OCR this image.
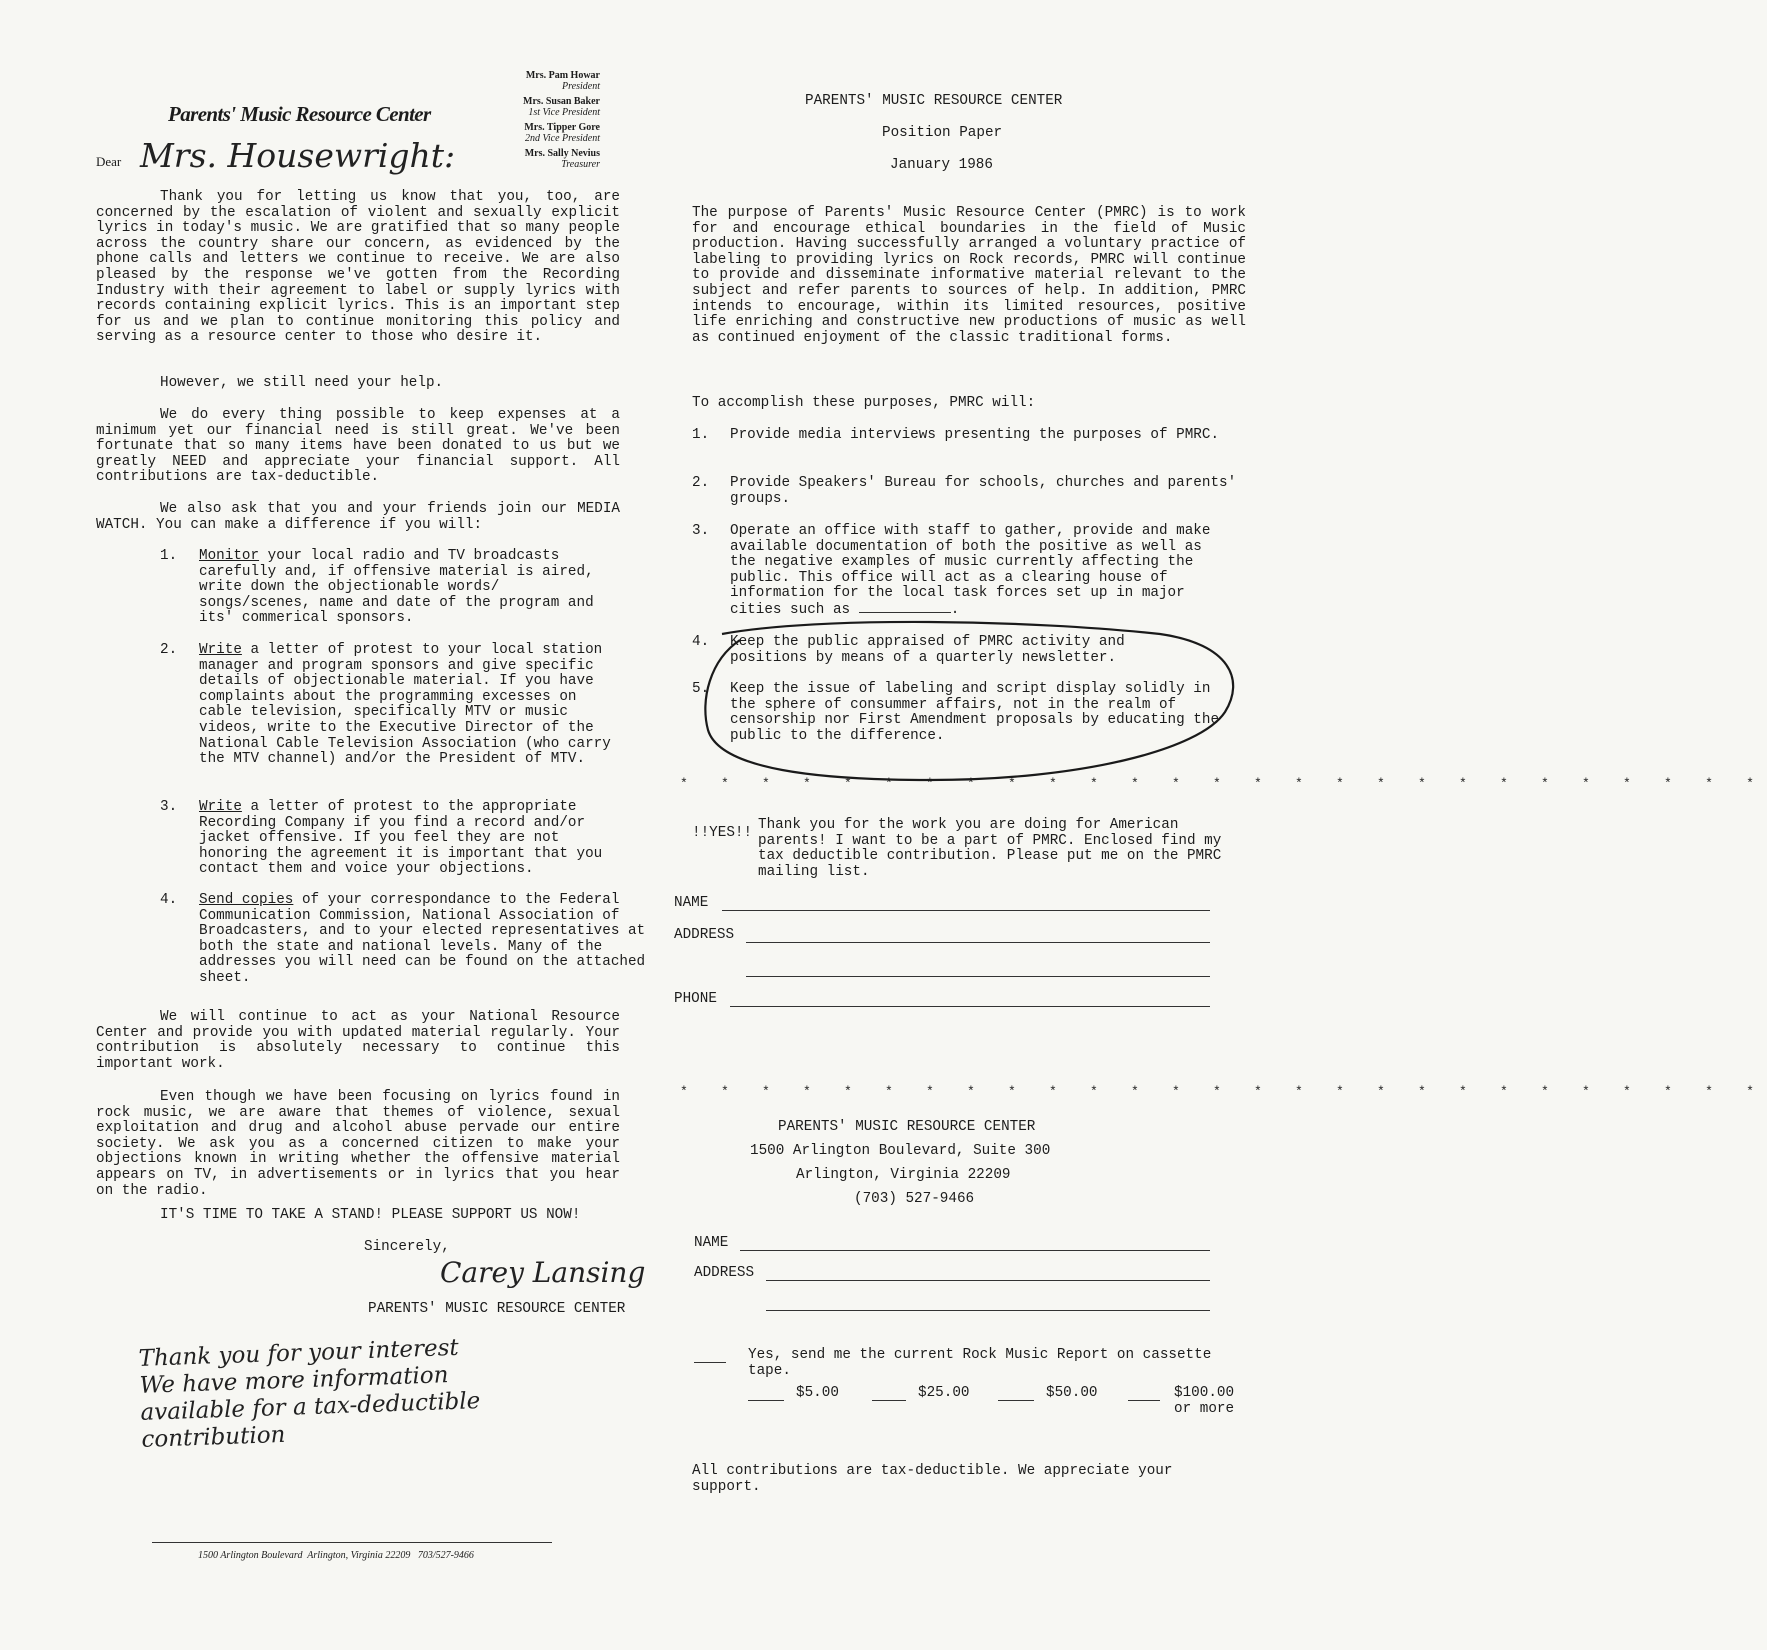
Parents' Music Resource Center
Mrs. Pam Howar
President
Mrs. Susan Baker
1st Vice President
Mrs. Tipper Gore
2nd Vice President
Mrs. Sally Nevius
Treasurer
Dear Mrs. Housewright:
Thank you for letting us know that you, too, are concerned by the escalation of violent and sexually explicit lyrics in today's music. We are gratified that so many people across the country share our concern, as evidenced by the phone calls and letters we continue to receive. We are also pleased by the response we've gotten from the Recording Industry with their agreement to label or supply lyrics with records containing explicit lyrics. This is an important step for us and we plan to continue monitoring this policy and serving as a resource center to those who desire it.
However, we still need your help.
We do every thing possible to keep expenses at a minimum yet our financial need is still great. We've been fortunate that so many items have been donated to us but we greatly NEED and appreciate your financial support. All contributions are tax-deductible.
We also ask that you and your friends join our MEDIA WATCH. You can make a difference if you will:
1. Monitor your local radio and TV broadcasts carefully and, if offensive material is aired, write down the objectionable words/ songs/scenes, name and date of the program and its' commerical sponsors.
2. Write a letter of protest to your local station manager and program sponsors and give specific details of objectionable material. If you have complaints about the programming excesses on cable television, specifically MTV or music videos, write to the Executive Director of the National Cable Television Association (who carry the MTV channel) and/or the President of MTV.
3. Write a letter of protest to the appropriate Recording Company if you find a record and/or jacket offensive. If you feel they are not honoring the agreement it is important that you contact them and voice your objections.
4. Send copies of your correspondance to the Federal Communication Commission, National Association of Broadcasters, and to your elected representatives at both the state and national levels. Many of the addresses you will need can be found on the attached sheet.
We will continue to act as your National Resource Center and provide you with updated material regularly. Your contribution is absolutely necessary to continue this important work.
Even though we have been focusing on lyrics found in rock music, we are aware that themes of violence, sexual exploitation and drug and alcohol abuse pervade our entire society. We ask you as a concerned citizen to make your objections known in writing whether the offensive material appears on TV, in advertisements or in lyrics that you hear on the radio.
IT'S TIME TO TAKE A STAND! PLEASE SUPPORT US NOW!
Sincerely,
Carey Lansing
PARENTS' MUSIC RESOURCE CENTER
Thank you for your interest
We have more information
available for a tax-deductible
contribution
1500 Arlington Boulevard  Arlington, Virginia 22209   703/527-9466
PARENTS' MUSIC RESOURCE CENTER
Position Paper
January 1986
The purpose of Parents' Music Resource Center (PMRC) is to work for and encourage ethical boundaries in the field of Music production. Having successfully arranged a voluntary practice of labeling to providing lyrics on Rock records, PMRC will continue to provide and disseminate informative material relevant to the subject and refer parents to sources of help. In addition, PMRC intends to encourage, within its limited resources, positive life enriching and constructive new productions of music as well as continued enjoyment of the classic traditional forms.
To accomplish these purposes, PMRC will:
1. Provide media interviews presenting the purposes of PMRC.
2. Provide Speakers' Bureau for schools, churches and parents' groups.
3. Operate an office with staff to gather, provide and make available documentation of both the positive as well as the negative examples of music currently affecting the public. This office will act as a clearing house of information for the local task forces set up in major cities such as	.
4. Keep the public appraised of PMRC activity and positions by means of a quarterly newsletter.
5. Keep the issue of labeling and script display solidly in the sphere of consummer affairs, not in the realm of censorship nor First Amendment proposals by educating the public to the difference.
* * * * * * * * * * * * * * * * * * * * * * * * * * *
!!YES!! Thank you for the work you are doing for American parents! I want to be a part of PMRC. Enclosed find my tax deductible contribution. Please put me on the PMRC mailing list.
NAME
ADDRESS
PHONE
* * * * * * * * * * * * * * * * * * * * * * * * * * *
PARENTS' MUSIC RESOURCE CENTER
1500 Arlington Boulevard, Suite 300
Arlington, Virginia 22209
(703) 527-9466
NAME
ADDRESS
Yes, send me the current Rock Music Report on cassette tape.
$5.00	$25.00	$50.00	$100.00
or more
All contributions are tax-deductible. We appreciate your support.
